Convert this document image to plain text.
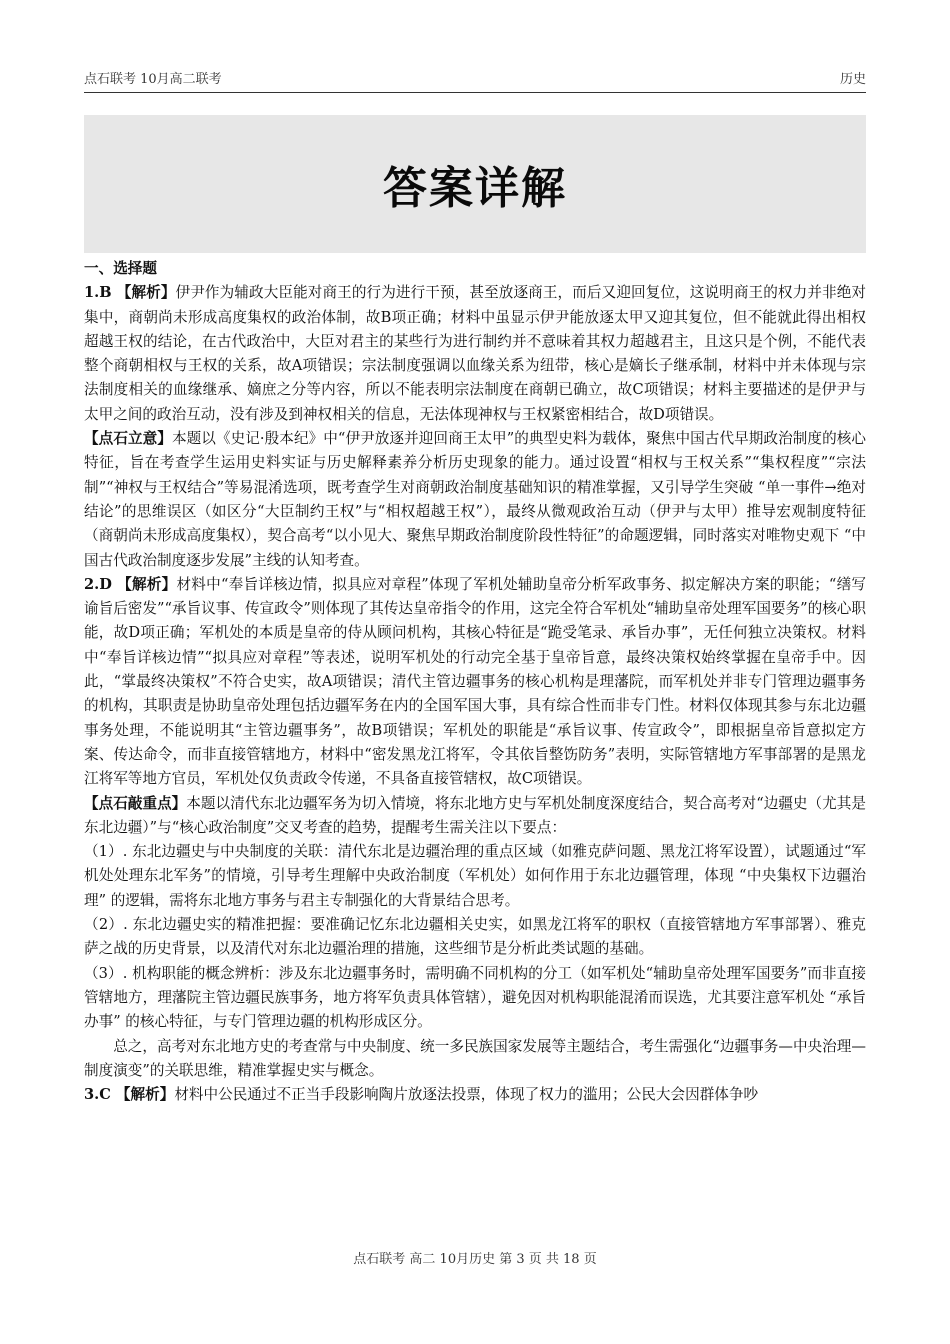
点石联考 10月高二联考	历史
答案详解

一、选择题

1.B 【解析】伊尹作为辅政大臣能对商王的行为进行干预，甚至放逐商王，而后又迎回复位，这说明商王的权力并非绝对集中，商朝尚未形成高度集权的政治体制，故B项正确；材料中虽显示伊尹能放逐太甲又迎其复位，但不能就此得出相权超越王权的结论，在古代政治中，大臣对君主的某些行为进行制约并不意味着其权力超越君主，且这只是个例，不能代表整个商朝相权与王权的关系，故A项错误；宗法制度强调以血缘关系为纽带，核心是嫡长子继承制，材料中并未体现与宗法制度相关的血缘继承、嫡庶之分等内容，所以不能表明宗法制度在商朝已确立，故C项错误；材料主要描述的是伊尹与太甲之间的政治互动，没有涉及到神权相关的信息，无法体现神权与王权紧密相结合，故D项错误。

【点石立意】本题以《史记·殷本纪》中“伊尹放逐并迎回商王太甲”的典型史料为载体，聚焦中国古代早期政治制度的核心特征，旨在考查学生运用史料实证与历史解释素养分析历史现象的能力。通过设置“相权与王权关系”“集权程度”“宗法制”“神权与王权结合”等易混淆选项，既考查学生对商朝政治制度基础知识的精准掌握，又引导学生突破 “单一事件→绝对结论”的思维误区（如区分“大臣制约王权”与“相权超越王权”），最终从微观政治互动（伊尹与太甲）推导宏观制度特征（商朝尚未形成高度集权），契合高考“以小见大、聚焦早期政治制度阶段性特征”的命题逻辑，同时落实对唯物史观下 “中国古代政治制度逐步发展”主线的认知考查。

2.D 【解析】材料中“奉旨详核边情，拟具应对章程”体现了军机处辅助皇帝分析军政事务、拟定解决方案的职能；“缮写谕旨后密发”“承旨议事、传宣政令”则体现了其传达皇帝指令的作用，这完全符合军机处“辅助皇帝处理军国要务”的核心职能，故D项正确；军机处的本质是皇帝的侍从顾问机构，其核心特征是“跪受笔录、承旨办事”，无任何独立决策权。材料中“奉旨详核边情”“拟具应对章程”等表述，说明军机处的行动完全基于皇帝旨意，最终决策权始终掌握在皇帝手中。因此，“掌最终决策权”不符合史实，故A项错误；清代主管边疆事务的核心机构是理藩院，而军机处并非专门管理边疆事务的机构，其职责是协助皇帝处理包括边疆军务在内的全国军国大事，具有综合性而非专门性。材料仅体现其参与东北边疆事务处理，不能说明其“主管边疆事务”，故B项错误；军机处的职能是“承旨议事、传宣政令”，即根据皇帝旨意拟定方案、传达命令，而非直接管辖地方，材料中“密发黑龙江将军，令其依旨整饬防务”表明，实际管辖地方军事部署的是黑龙江将军等地方官员，军机处仅负责政令传递，不具备直接管辖权，故C项错误。

【点石敲重点】本题以清代东北边疆军务为切入情境，将东北地方史与军机处制度深度结合，契合高考对“边疆史（尤其是东北边疆）”与“核心政治制度”交叉考查的趋势，提醒考生需关注以下要点：

（1）. 东北边疆史与中央制度的关联：清代东北是边疆治理的重点区域（如雅克萨问题、黑龙江将军设置），试题通过“军机处处理东北军务”的情境，引导考生理解中央政治制度（军机处）如何作用于东北边疆管理，体现 “中央集权下边疆治理” 的逻辑，需将东北地方事务与君主专制强化的大背景结合思考。

（2）. 东北边疆史实的精准把握：要准确记忆东北边疆相关史实，如黑龙江将军的职权（直接管辖地方军事部署）、雅克萨之战的历史背景，以及清代对东北边疆治理的措施，这些细节是分析此类试题的基础。

（3）. 机构职能的概念辨析：涉及东北边疆事务时，需明确不同机构的分工（如军机处“辅助皇帝处理军国要务”而非直接管辖地方，理藩院主管边疆民族事务，地方将军负责具体管辖），避免因对机构职能混淆而误选，尤其要注意军机处 “承旨办事” 的核心特征，与专门管理边疆的机构形成区分。

总之，高考对东北地方史的考查常与中央制度、统一多民族国家发展等主题结合，考生需强化“边疆事务—中央治理—制度演变”的关联思维，精准掌握史实与概念。

3.C 【解析】材料中公民通过不正当手段影响陶片放逐法投票，体现了权力的滥用；公民大会因群体争吵

点石联考 高二 10月历史 第 3 页 共 18 页
